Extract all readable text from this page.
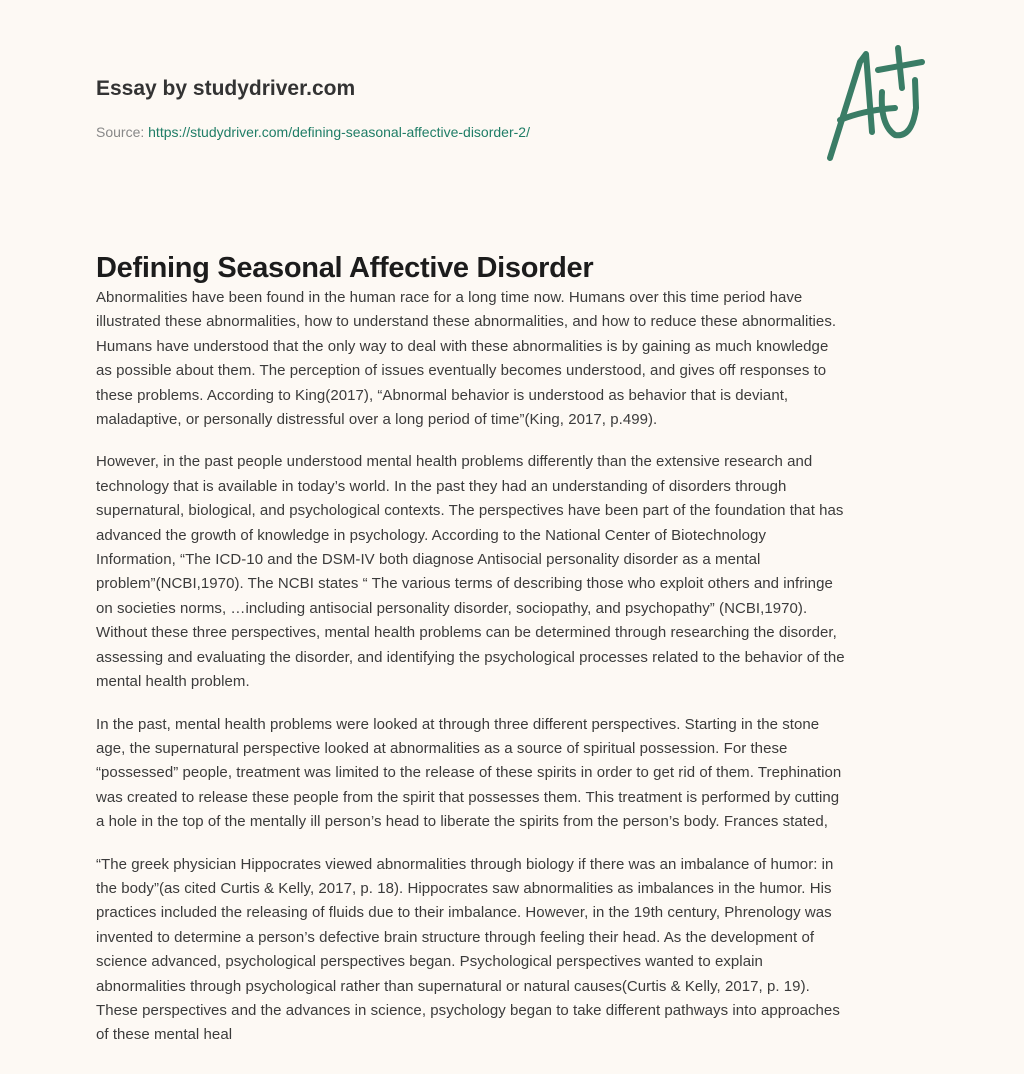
Essay by studydriver.com
Source: https://studydriver.com/defining-seasonal-affective-disorder-2/
Defining Seasonal Affective Disorder

Abnormalities have been found in the human race for a long time now. Humans over this time period have
illustrated these abnormalities, how to understand these abnormalities, and how to reduce these abnormalities.
Humans have understood that the only way to deal with these abnormalities is by gaining as much knowledge
as possible about them. The perception of issues eventually becomes understood, and gives off responses to
these problems. According to King(2017), “Abnormal behavior is understood as behavior that is deviant,
maladaptive, or personally distressful over a long period of time”(King, 2017, p.499).

However, in the past people understood mental health problems differently than the extensive research and
technology that is available in today’s world. In the past they had an understanding of disorders through
supernatural, biological, and psychological contexts. The perspectives have been part of the foundation that has
advanced the growth of knowledge in psychology. According to the National Center of Biotechnology
Information, “The ICD-10 and the DSM-IV both diagnose Antisocial personality disorder as a mental
problem”(NCBI,1970). The NCBI states “ The various terms of describing those who exploit others and infringe
on societies norms, …including antisocial personality disorder, sociopathy, and psychopathy” (NCBI,1970).
Without these three perspectives, mental health problems can be determined through researching the disorder,
assessing and evaluating the disorder, and identifying the psychological processes related to the behavior of the
mental health problem.

In the past, mental health problems were looked at through three different perspectives. Starting in the stone
age, the supernatural perspective looked at abnormalities as a source of spiritual possession. For these
“possessed” people, treatment was limited to the release of these spirits in order to get rid of them. Trephination
was created to release these people from the spirit that possesses them. This treatment is performed by cutting
a hole in the top of the mentally ill person’s head to liberate the spirits from the person’s body. Frances stated,

“The greek physician Hippocrates viewed abnormalities through biology if there was an imbalance of humor: in
the body”(as cited Curtis & Kelly, 2017, p. 18). Hippocrates saw abnormalities as imbalances in the humor. His
practices included the releasing of fluids due to their imbalance. However, in the 19th century, Phrenology was
invented to determine a person’s defective brain structure through feeling their head. As the development of
science advanced, psychological perspectives began. Psychological perspectives wanted to explain
abnormalities through psychological rather than supernatural or natural causes(Curtis & Kelly, 2017, p. 19).
These perspectives and the advances in science, psychology began to take different pathways into approaches
of these mental heal
